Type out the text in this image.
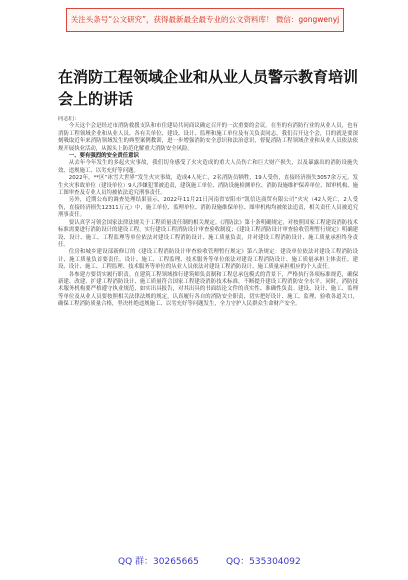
关注头条号“公文研究”，获得最新最全最专业的公文资料库！ 微信：gongwenyj
在消防工程领域企业和从业人员警示教育培训会上的讲话

同志们：

今天这个会是经过市消防救援支队和市住建局共同商议确定召开的一次重要的会议。在坐的有消防行业的从业人员，也有消防工程领域企业和从业人员、各有关单位、建设、设计、监理和施工单位及有关负责同志。我们召开这个会，目的就是要深刻吸取近年来消防领域发生的典型案例教训，进一步增强消防安全意识和法治意识，督促消防工程领域企业和从业人员依法依规开展执业活动，从源头上防范化解重大消防安全风险。

一、要有强烈的安全责任意识

从去年今年发生的多起火灾事故，我们切身感受了火灾造成的重大人员伤亡和巨大财产损失，以及暴露出的消防设施失效、违规施工、以劣充好等问题。

2022年，**区“冰雪大世界”发生火灾事故，造成4人死亡，2名消防员牺牲，19人受伤，直接经济损失3057余万元。发生火灾事故单位（建设单位）9人涉嫌犯罪被追责，建筑施工单位、消防设施检测单位、消防设施维护保养单位、图审机构、施工图审查及专业人员均被依法追究刑事责任。

另外，近期公布的调查处理结果显示，2022年11月21日河南省安阳市“凯信达商贸有限公司”火灾（42人死亡，2人受伤，直接经济损失12311万元）中，施工单位、监理单位、消防设施维保单位、图审机构均被依法追责，相关责任人员被追究刑事责任。

要认真学习领会国家法律法规关于工程质量责任制的相关规定。《消防法》第十条明确规定，对按照国家工程建设消防技术标准需要进行消防设计的建设工程，实行建设工程消防设计审查验收制度；《建设工程消防设计审查验收管理暂行规定》明确建设、设计、施工、工程监理等单位依法对建设工程消防设计、施工质量负责，并对建设工程消防设计、施工质量承担终身责任。

住房和城乡建设部新修订的《建设工程消防设计审查验收管理暂行规定》第八条规定：建设单位依法对建设工程消防设计、施工质量负首要责任。设计、施工、工程监理、技术服务等单位依法对建设工程消防设计、施工质量承担主体责任。建设、设计、施工、工程监理、技术服务等单位的从业人员依法对建设工程消防设计、施工质量承担相应的个人责任。

各参建方要切实履行职责。在建筑工程领域推行建筑师负责制和工程总承包模式的背景下，严格执行各项标准规范，确保新建、改建、扩建工程消防设计、施工质量符合国家工程建设消防技术标准，不断提升建设工程消防安全水平。同时，消防技术服务机构要严格遵守执业规范，如实出具报告，对其出具的书面结论文件的真实性、准确性负责。建设、设计、施工、监理等单位及从业人员要按照相关法律法规的规定，认真履行各自的消防安全职责，切实把好设计、施工、监理、验收各道关口，确保工程消防质量合格，坚决杜绝违规施工、以劣充好等问题发生，全力守护人民群众生命财产安全。

QQ 群：30265665	QQ：535304092
